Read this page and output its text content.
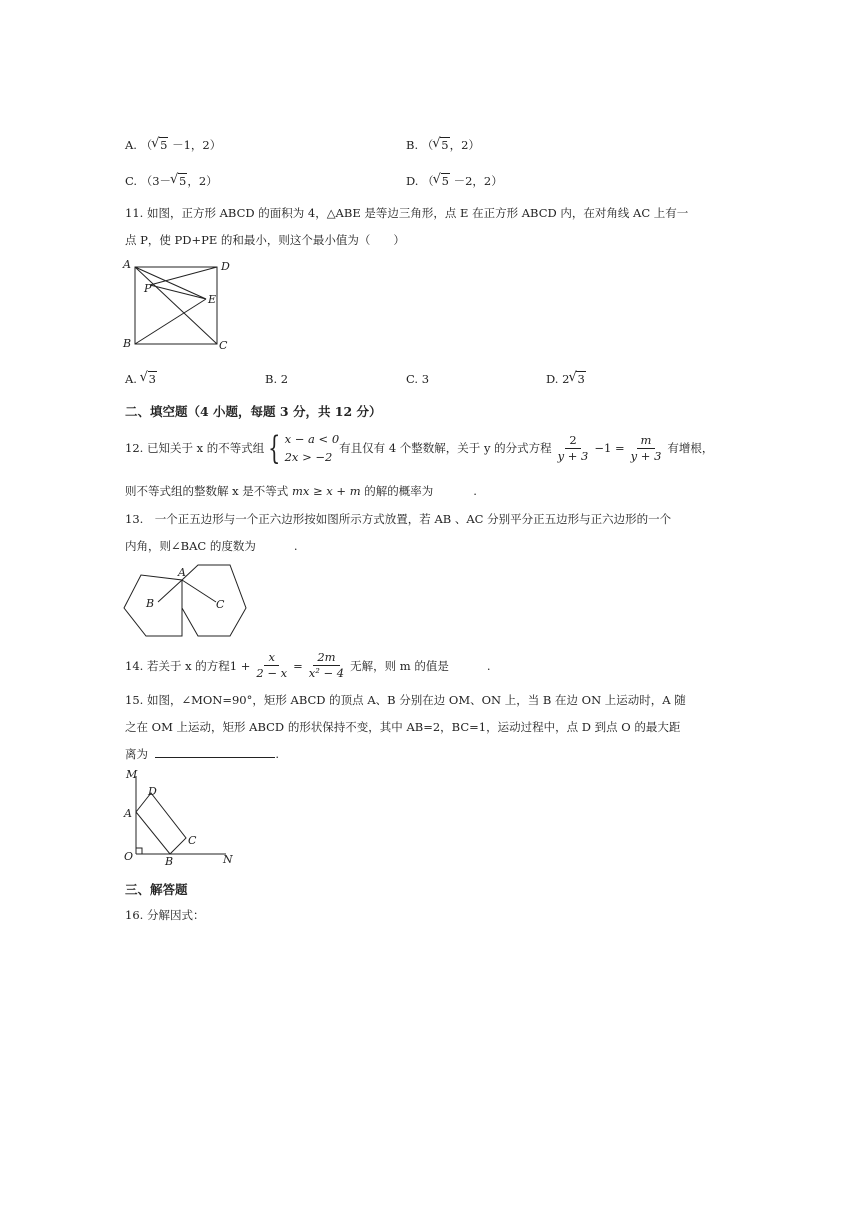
A. （ √ 5 －1，2）	B. （ √ 5，2）
C. （3－ √ 5，2）	D. （ √ 5 －2，2）
11. 如图，正方形 ABCD 的面积为 4，△ABE 是等边三角形，点 E 在正方形 ABCD 内，在对角线 AC 上有一
点 P，使 PD+PE 的和最小，则这个最小值为（　　）
A	D
P
E
B	C
A. √ 3	B. 2	C. 3	D. 2 √ 3
二、填空题（4 小题，每题 3 分，共 12 分）
12. 已知关于 x 的不等式组 { x − a < 0
2x > −2
有且仅有 4 个整数解，关于 y 的分式方程 $\frac{2}{y + 3} -1 = \frac{m}{y + 3}$ 有增根，
则不等式组的整数解 x 是不等式 mx ≥ x + m 的解的概率为	.
13.　一个正五边形与一个正六边形按如图所示方式放置，若 AB 、AC 分别平分正五边形与正六边形的一个
内角，则∠BAC 的度数为	.
A
B	C
14. 若关于 x 的方程 $1 + \frac{x}{2 - x} = \frac{2m}{\text{x² − 4}}$ 无解，则 m 的值是	.
15. 如图，∠MON=90°，矩形 ABCD 的顶点 A、B 分别在边 OM、ON 上，当 B 在边 ON 上运动时，A 随
之在 OM 上运动，矩形 ABCD 的形状保持不变，其中 AB=2，BC=1，运动过程中，点 D 到点 O 的最大距
离为	.
M
D
A
C
O	B	N
三、解答题
16. 分解因式：
